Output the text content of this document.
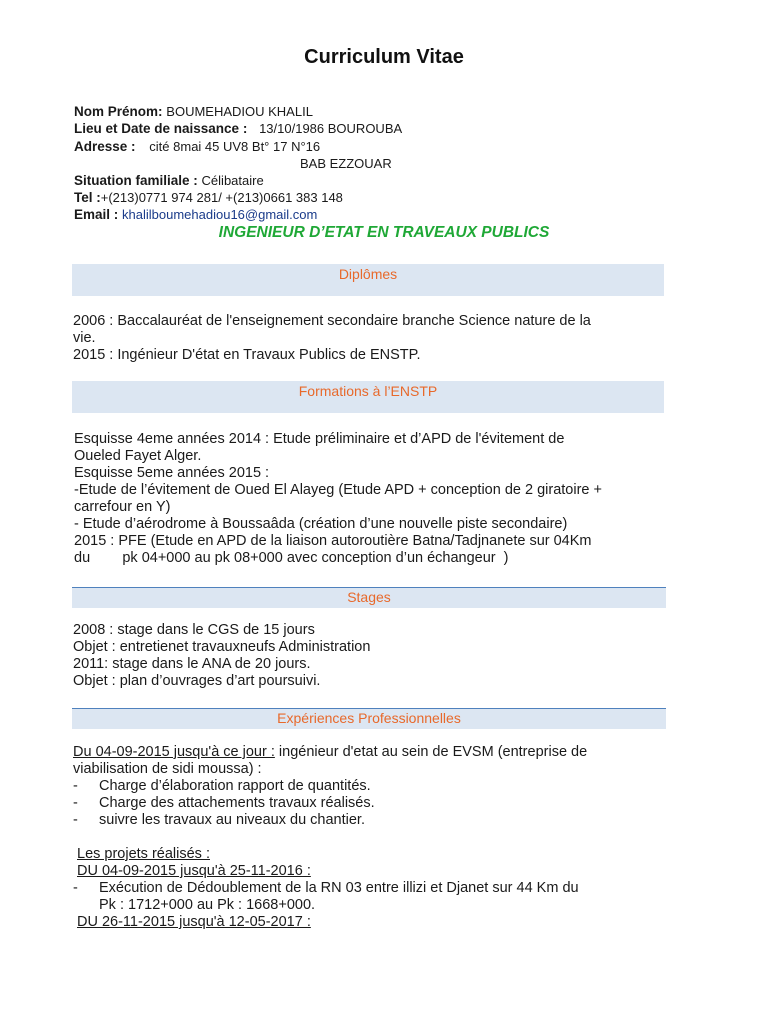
Curriculum Vitae
Nom Prénom: BOUMEHADIOU KHALIL
Lieu et Date de naissance : 13/10/1986 BOUROUBA
Adresse : cité 8mai 45 UV8 Bt° 17 N°16
BAB EZZOUAR
Situation familiale : Célibataire
Tel :+(213)0771 974 281/ +(213)0661 383 148
Email : khalilboumehadiou16@gmail.com
INGENIEUR D’ETAT EN TRAVEAUX PUBLICS
Diplômes

2006 : Baccalauréat de l'enseignement secondaire branche Science nature de la

vie.

2015 : Ingénieur D'état en Travaux Publics de ENSTP.

Formations à l’ENSTP

Esquisse 4eme années 2014 : Etude préliminaire et d’APD de l'évitement de

Oueled Fayet Alger.

Esquisse 5eme années 2015 :

-Etude de l’évitement de Oued El Alayeg (Etude APD + conception de 2 giratoire +

carrefour en Y)

- Etude d’aérodrome à Boussaâda (création d’une nouvelle piste secondaire)

2015 : PFE (Etude en APD de la liaison autoroutière Batna/Tadjnanete sur 04Km

du        pk 04+000 au pk 08+000 avec conception d’un échangeur  )

Stages

2008 : stage dans le CGS de 15 jours

Objet : entretienet travauxneufs Administration

2011: stage dans le ANA de 20 jours.

Objet : plan d’ouvrages d’art poursuivi.

Expériences Professionnelles

Du 04-09-2015 jusqu'à ce jour : ingénieur d'etat au sein de EVSM (entreprise de

viabilisation de sidi moussa) :

-	Charge d’élaboration rapport de quantités.
-	Charge des attachements travaux réalisés.
-	suivre les travaux au niveaux du chantier.

Les projets réalisés :

DU 04-09-2015 jusqu'à 25-11-2016 :

-	Exécution de Dédoublement de la RN 03 entre illizi et Djanet sur 44 Km du

Pk : 1712+000 au Pk : 1668+000.

DU 26-11-2015 jusqu'à 12-05-2017 :
